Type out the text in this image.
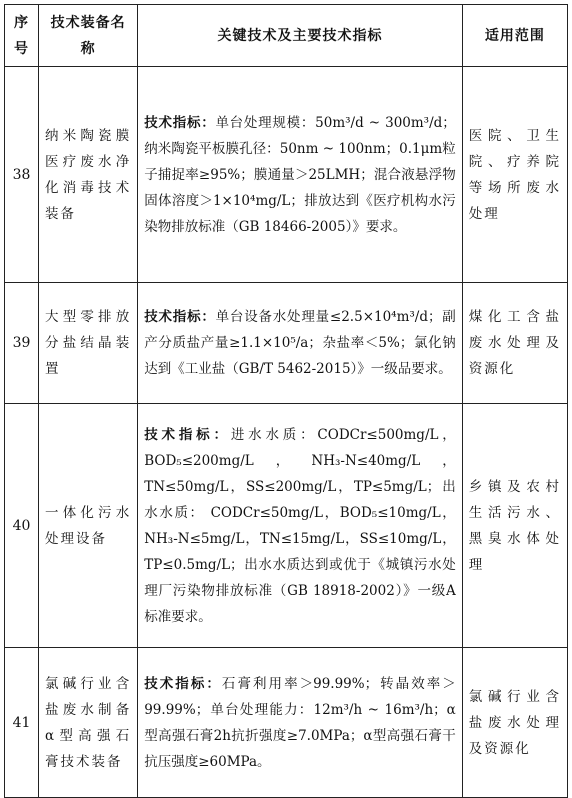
序号	技术装备名称	关键技术及主要技术指标	适用范围
38	纳米陶瓷膜医疗废水净化消毒技术装备	技术指标：单台处理规模：50m³/d ~ 300m³/d；纳米陶瓷平板膜孔径：50nm ~ 100nm；0.1μm粒子捕捉率≥95%；膜通量＞25LMH；混合液悬浮物固体溶度＞1×10⁴mg/L；排放达到《医疗机构水污染物排放标准（GB 18466-2005）》要求。	医院、卫生院、疗养院等场所废水处理
39	大型零排放分盐结晶装置	技术指标：单台设备水处理量≤2.5×10⁴m³/d；副产分质盐产量≥1.1×10⁵/a；杂盐率＜5%；氯化钠达到《工业盐（GB/T 5462-2015）》一级品要求。	煤化工含盐废水处理及资源化
40	一体化污水处理设备	技术指标：进水水质：CODCr≤500mg/L，BOD₅≤200mg/L，NH₃-N≤40mg/L，TN≤50mg/L，SS≤200mg/L，TP≤5mg/L；出水水质： CODCr≤50mg/L，BOD₅≤10mg/L，NH₃-N≤5mg/L，TN≤15mg/L，SS≤10mg/L，TP≤0.5mg/L；出水水质达到或优于《城镇污水处理厂污染物排放标准（GB 18918-2002）》一级A标准要求。	乡镇及农村生活污水、黑臭水体处理
41	氯碱行业含盐废水制备α型高强石膏技术装备	技术指标：石膏利用率＞99.99%；转晶效率＞99.99%；单台处理能力：12m³/h ~ 16m³/h；α型高强石膏2h抗折强度≥7.0MPa；α型高强石膏干抗压强度≥60MPa。	氯碱行业含盐废水处理及资源化
